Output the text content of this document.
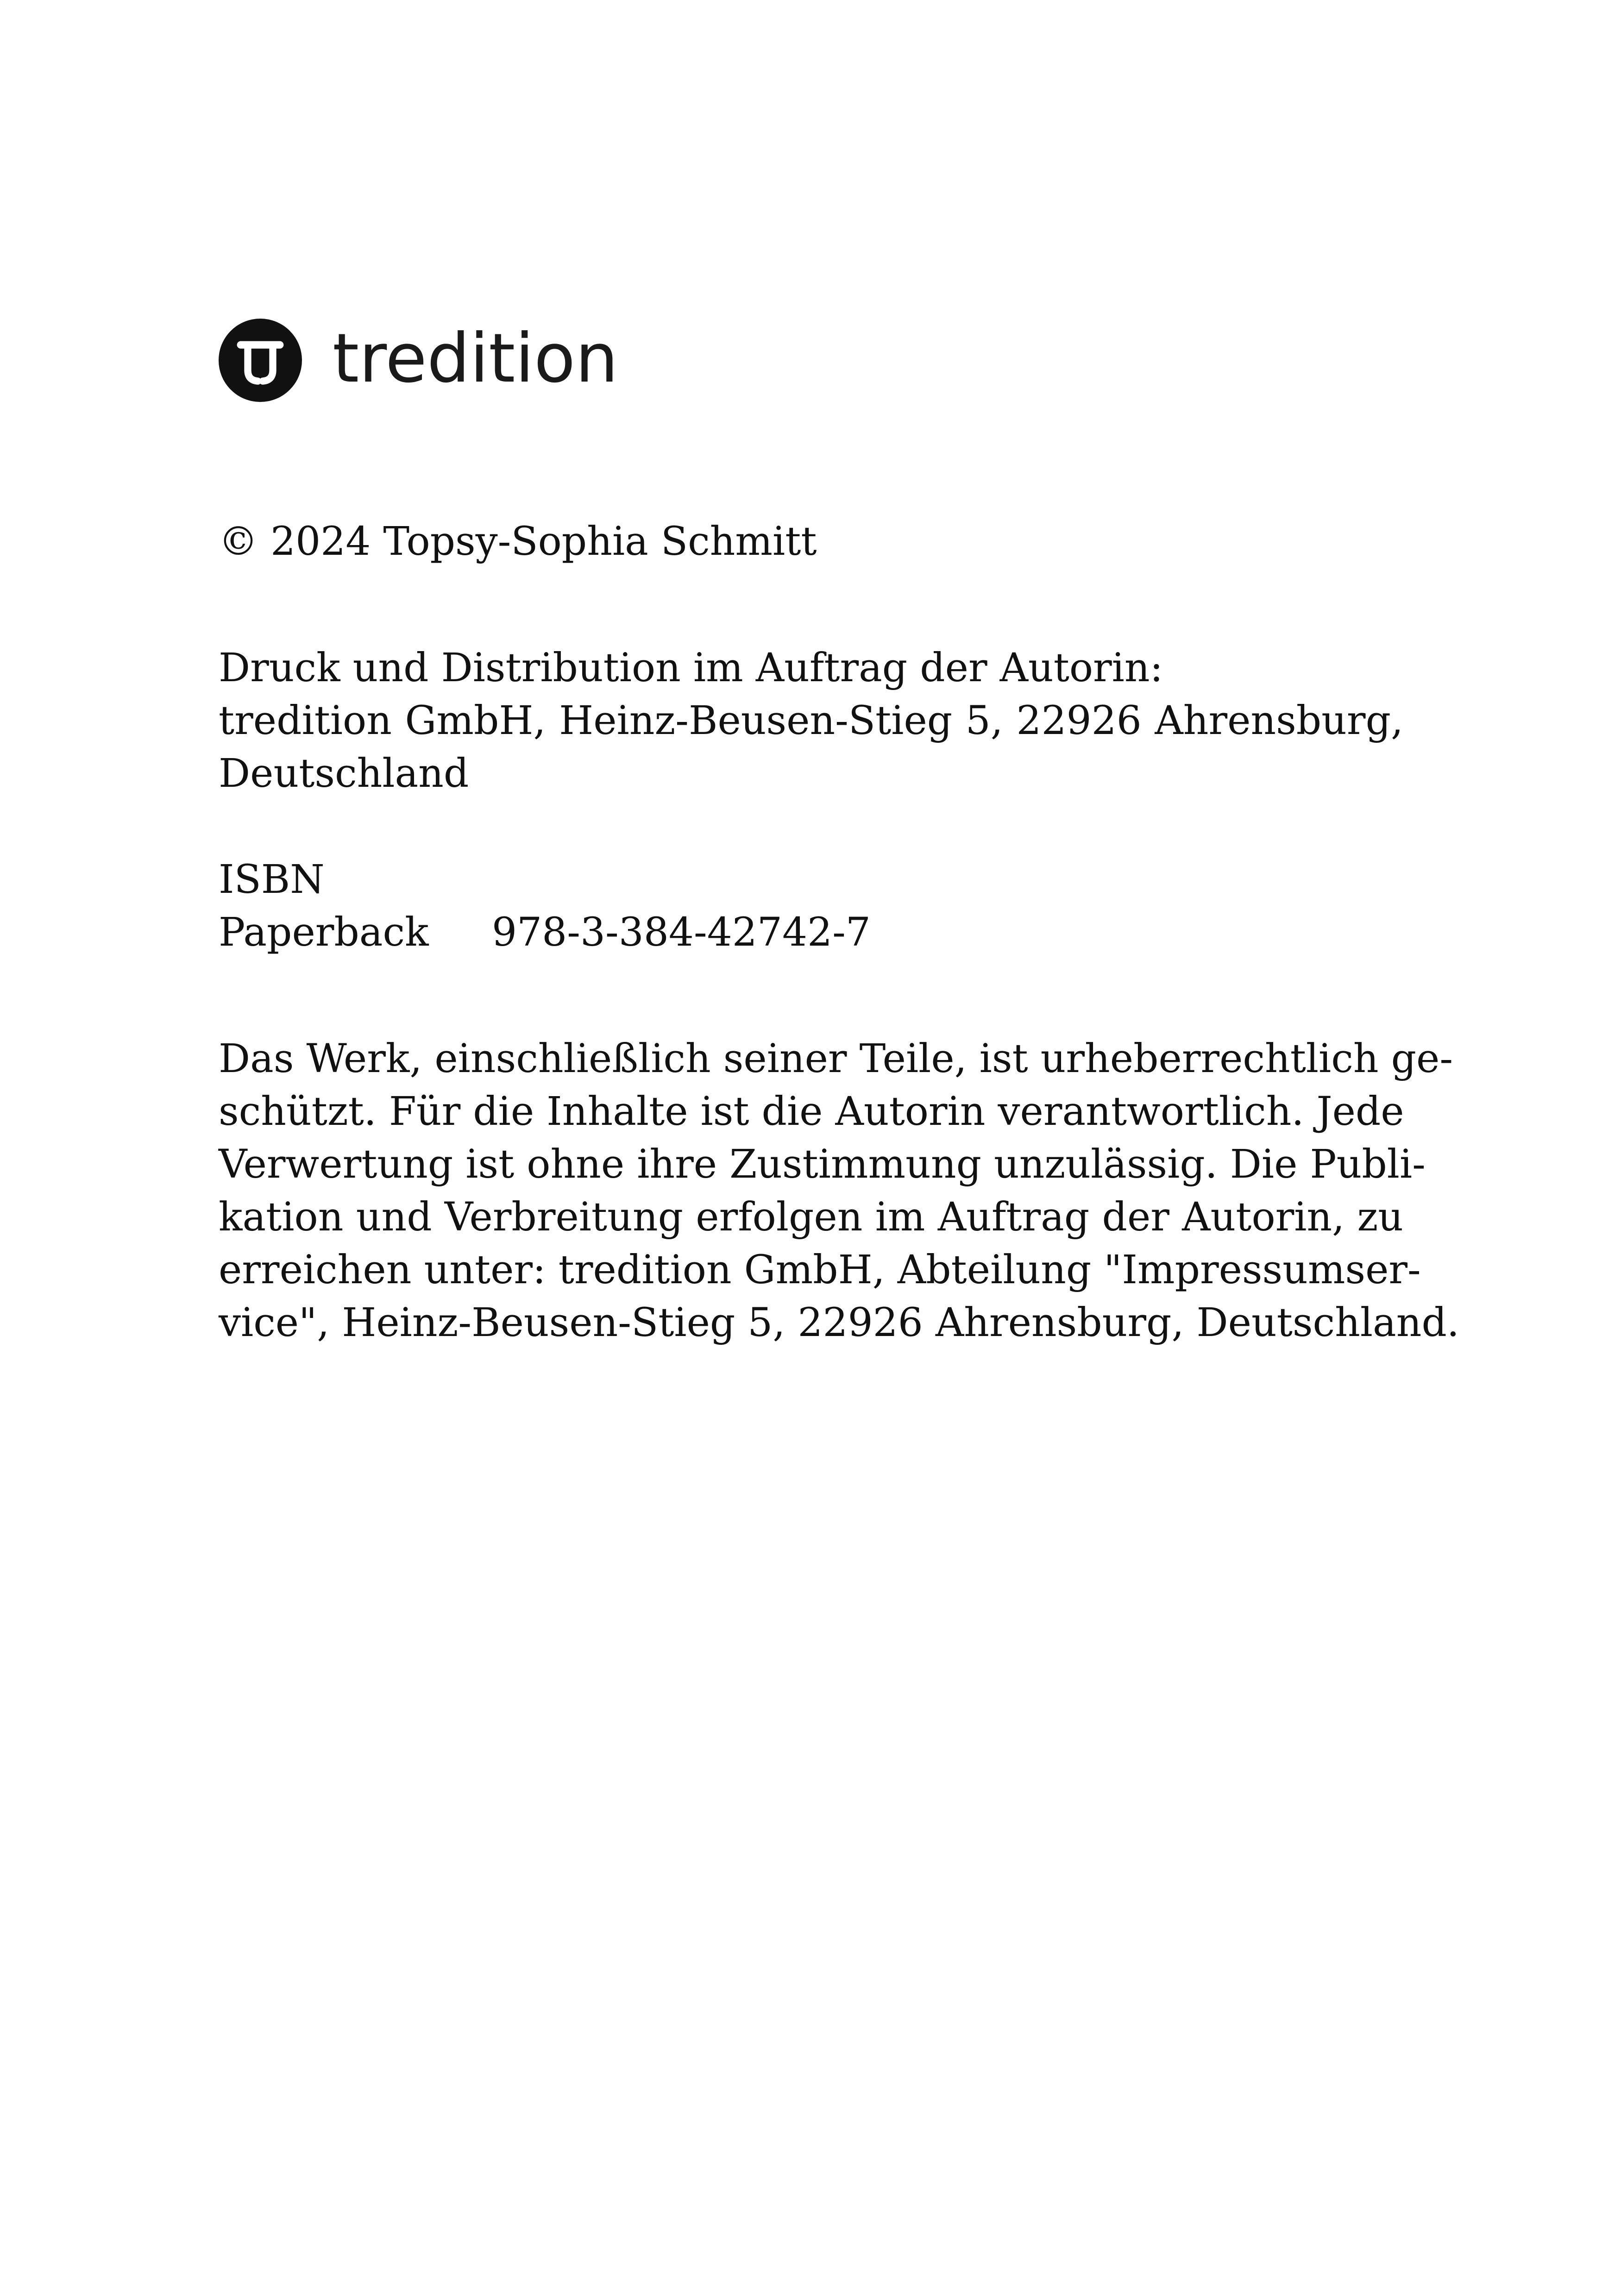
tredition

© 2024 Topsy-Sophia Schmitt

Druck und Distribution im Auftrag der Autorin:
tredition GmbH, Heinz-Beusen-Stieg 5, 22926 Ahrensburg,
Deutschland

ISBN
Paperback	978-3-384-42742-7

Das Werk, einschließlich seiner Teile, ist urheberrechtlich ge-
schützt. Für die Inhalte ist die Autorin verantwortlich. Jede
Verwertung ist ohne ihre Zustimmung unzulässig. Die Publi-
kation und Verbreitung erfolgen im Auftrag der Autorin, zu
erreichen unter: tredition GmbH, Abteilung "Impressumser-
vice", Heinz-Beusen-Stieg 5, 22926 Ahrensburg, Deutschland.
